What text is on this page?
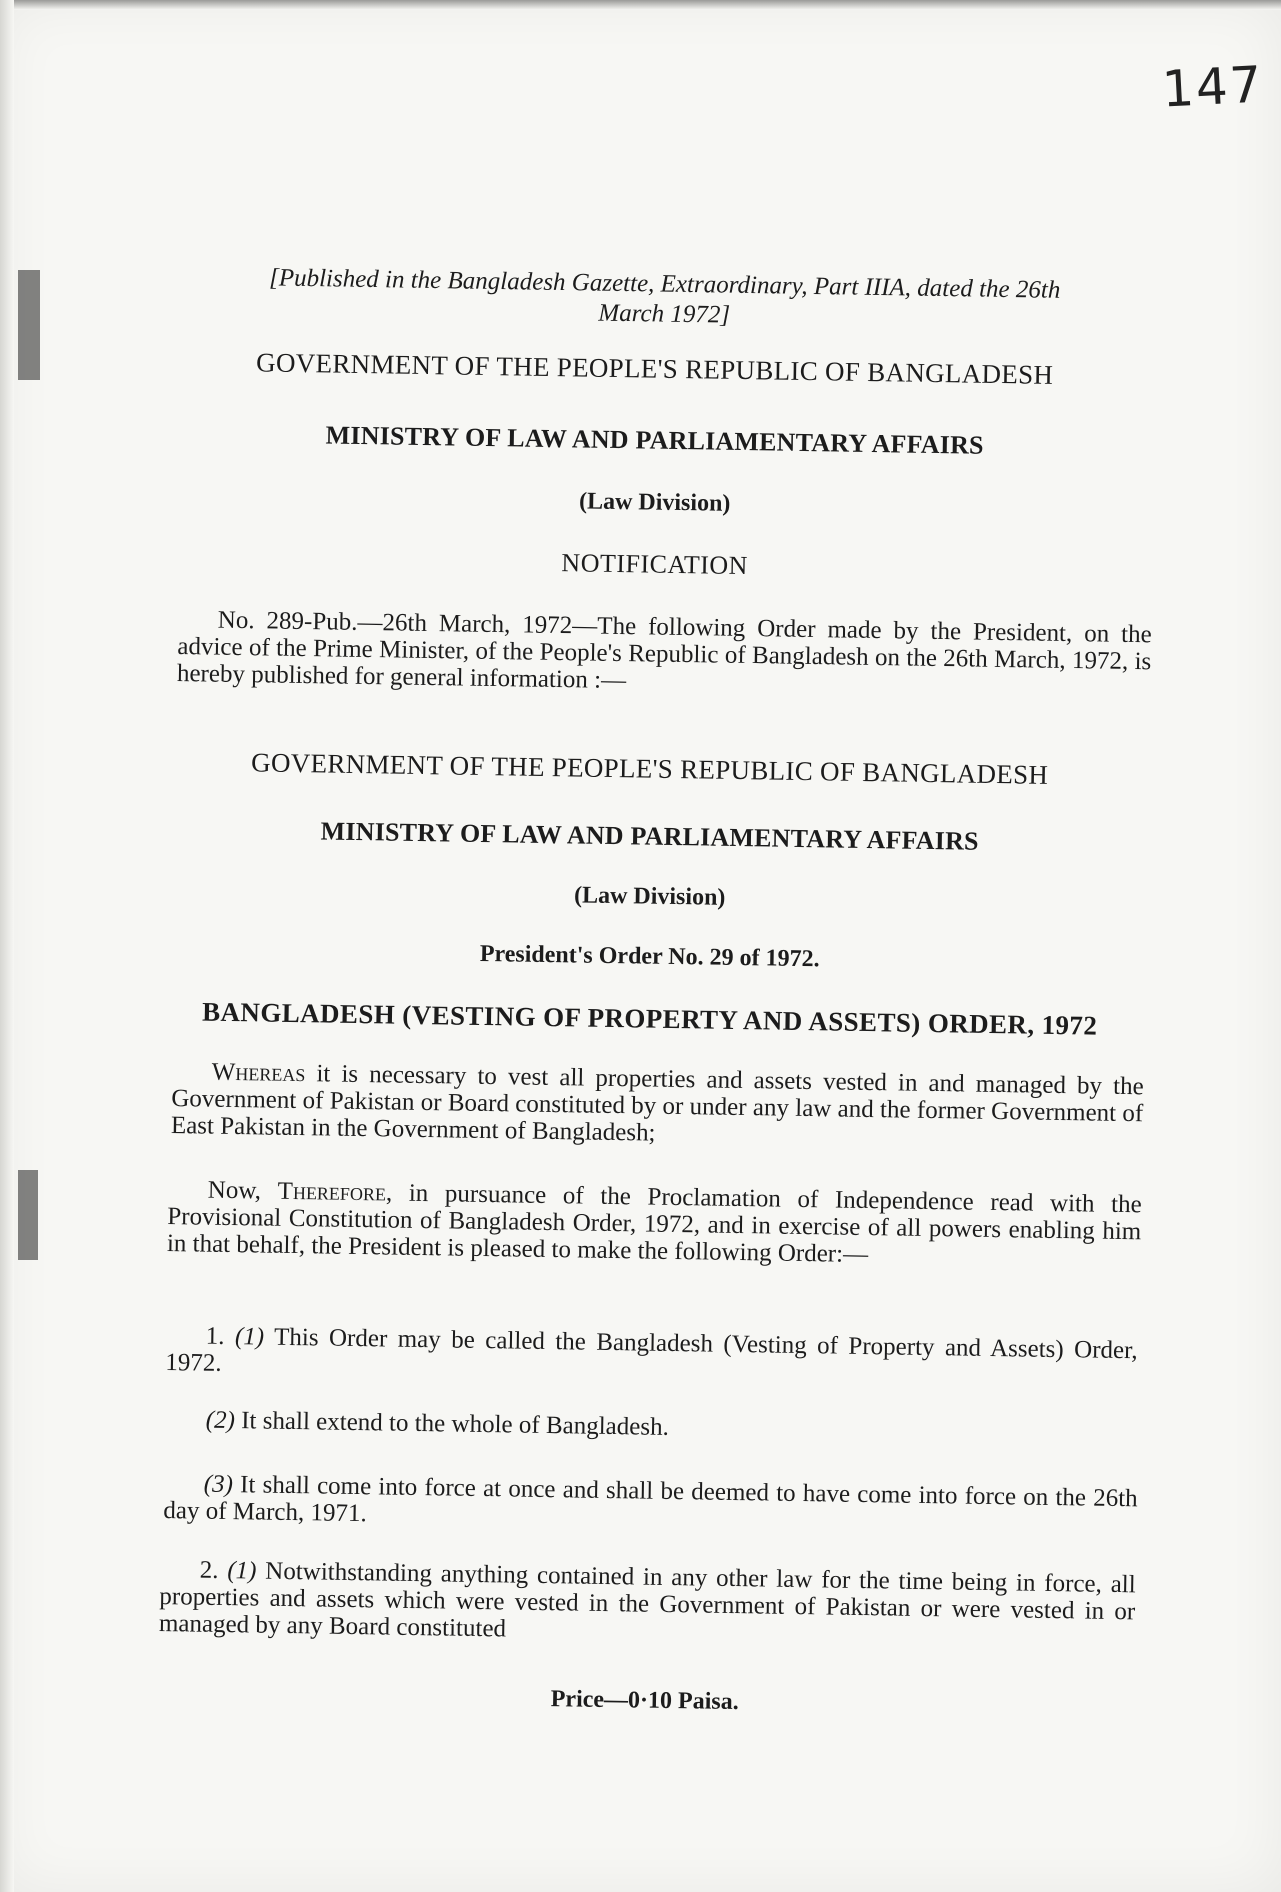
147
[Published in the Bangladesh Gazette, Extraordinary, Part IIIA, dated the 26th
March 1972]
GOVERNMENT OF THE PEOPLE'S REPUBLIC OF BANGLADESH
MINISTRY OF LAW AND PARLIAMENTARY AFFAIRS
(Law Division)
NOTIFICATION
No. 289-Pub.—26th March, 1972—The following Order made by the President, on the advice of the Prime Minister, of the People's Republic of Bangladesh on the 26th March, 1972, is hereby published for general information :—
GOVERNMENT OF THE PEOPLE'S REPUBLIC OF BANGLADESH
MINISTRY OF LAW AND PARLIAMENTARY AFFAIRS
(Law Division)
President's Order No. 29 of 1972.
BANGLADESH (VESTING OF PROPERTY AND ASSETS) ORDER, 1972
Whereas it is necessary to vest all properties and assets vested in and managed by the Government of Pakistan or Board constituted by or under any law and the former Government of East Pakistan in the Government of Bangladesh;
Now, Therefore, in pursuance of the Proclamation of Independence read with the Provisional Constitution of Bangladesh Order, 1972, and in exercise of all powers enabling him in that behalf, the President is pleased to make the following Order:—
1. (1) This Order may be called the Bangladesh (Vesting of Property and Assets) Order, 1972.
(2) It shall extend to the whole of Bangladesh.
(3) It shall come into force at once and shall be deemed to have come into force on the 26th day of March, 1971.
2. (1) Notwithstanding anything contained in any other law for the time being in force, all properties and assets which were vested in the Government of Pakistan or were vested in or managed by any Board constituted
Price—0·10 Paisa.
